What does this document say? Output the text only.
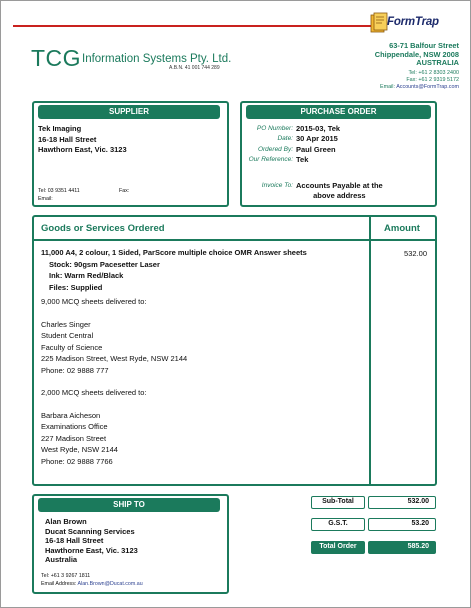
FormTrap
TCG Information Systems Pty. Ltd.
A.B.N. 41 001 744 289
63-71 Balfour Street
Chippendale, NSW 2008
AUSTRALIA
Tel: +61 2 8303 2400
Fax: +61 2 9319 5172
Email: Accounts@FormTrap.com
SUPPLIER
Tek Imaging
16-18 Hall Street
Hawthorn East, Vic. 3123
Tel: 03 9351 4411	Fax:
Email:
PURCHASE ORDER
PO Number: 2015-03, Tek
Date: 30 Apr 2015
Ordered By: Paul Green
Our Reference: Tek
Invoice To: Accounts Payable at the
above address
Goods or Services Ordered	Amount
11,000 A4, 2 colour, 1 Sided, ParScore multiple choice OMR Answer sheets
Stock: 90gsm Pacesetter Laser
Ink: Warm Red/Black
Files: Supplied
9,000 MCQ sheets delivered to:
Charles Singer
Student Central
Faculty of Science
225 Madison Street, West Ryde, NSW 2144
Phone: 02 9888 777
2,000 MCQ sheets delivered to:
Barbara Aicheson
Examinations Office
227 Madison Street
West Ryde, NSW 2144
Phone: 02 9888 7766
532.00
SHIP TO
Alan Brown
Ducat Scanning Services
16-18 Hall Street
Hawthorne East, Vic. 3123
Australia
Tel: +61 3 9267 1811
Email Address: Alan.Brown@Ducat.com.au
Sub-Total	532.00
G.S.T.	53.20
Total Order	585.20
